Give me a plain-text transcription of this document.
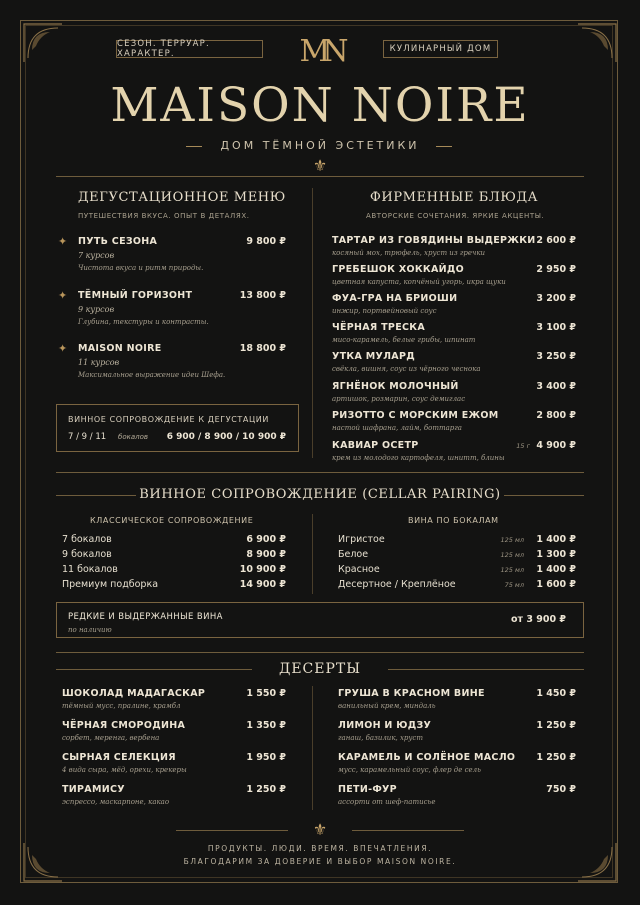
СЕЗОН. ТЕРРУАР. ХАРАКТЕР.	КУЛИНАРНЫЙ ДОМ
MN
MAISON NOIRE
ДОМ ТЁМНОЙ ЭСТЕТИКИ
⚜
ДЕГУСТАЦИОННОЕ МЕНЮ
ПУТЕШЕСТВИЯ ВКУСА. ОПЫТ В ДЕТАЛЯХ.
✦ ПУТЬ СЕЗОНА	9 800 ₽
7 курсов
Чистота вкуса и ритм природы.
✦ ТЁМНЫЙ ГОРИЗОНТ	13 800 ₽
9 курсов
Глубина, текстуры и контрасты.
✦ MAISON NOIRE	18 800 ₽
11 курсов
Максимальное выражение идеи Шефа.
ВИННОЕ СОПРОВОЖДЕНИЕ К ДЕГУСТАЦИИ
7 / 9 / 11 бокалов	6 900 / 8 900 / 10 900 ₽
ФИРМЕННЫЕ БЛЮДА
АВТОРСКИЕ СОЧЕТАНИЯ. ЯРКИЕ АКЦЕНТЫ.
ТАРТАР ИЗ ГОВЯДИНЫ ВЫДЕРЖКИ 2 600 ₽
косяный мох, трюфель, хруст из гречки
ГРЕБЕШОК ХОККАЙДО	2 950 ₽
цветная капуста, копчёный угорь, икра щуки
ФУА-ГРА НА БРИОШИ	3 200 ₽
инжир, портвейновый соус
ЧЁРНАЯ ТРЕСКА	3 100 ₽
мисо-карамель, белые грибы, шпинат
УТКА МУЛАРД	3 250 ₽
свёкла, вишня, соус из чёрного чеснока
ЯГНЁНОК МОЛОЧНЫЙ	3 400 ₽
артишок, розмарин, соус демиглас
РИЗОТТО С МОРСКИМ ЕЖОМ	2 800 ₽
настой шафрана, лайм, боттарга
КАВИАР ОСЕТР	15 г 4 900 ₽
крем из молодого картофеля, шнитт, блины
ВИННОЕ СОПРОВОЖДЕНИЕ (CELLAR PAIRING)
КЛАССИЧЕСКОЕ СОПРОВОЖДЕНИЕ
7 бокалов	6 900 ₽
9 бокалов	8 900 ₽
11 бокалов	10 900 ₽
Премиум подборка	14 900 ₽
ВИНА ПО БОКАЛАМ
Игристое	125 мл	1 400 ₽
Белое	125 мл	1 300 ₽
Красное	125 мл	1 400 ₽
Десертное / Креплёное	75 мл	1 600 ₽
РЕДКИЕ И ВЫДЕРЖАННЫЕ ВИНА
по наличию
от 3 900 ₽
ДЕСЕРТЫ
ШОКОЛАД МАДАГАСКАР	1 550 ₽
тёмный мусс, пралине, крамбл
ЧЁРНАЯ СМОРОДИНА	1 350 ₽
сорбет, меренга, вербена
СЫРНАЯ СЕЛЕКЦИЯ	1 950 ₽
4 вида сыра, мёд, орехи, крекеры
ТИРАМИСУ	1 250 ₽
эспрессо, маскарпоне, какао
ГРУША В КРАСНОМ ВИНЕ	1 450 ₽
ванильный крем, миндаль
ЛИМОН И ЮДЗУ	1 250 ₽
ганаш, базилик, хруст
КАРАМЕЛЬ И СОЛЁНОЕ МАСЛО	1 250 ₽
мусс, карамельный соус, флер де сель
ПЕТИ-ФУР	750 ₽
ассорти от шеф-патисье
⚜
ПРОДУКТЫ. ЛЮДИ. ВРЕМЯ. ВПЕЧАТЛЕНИЯ.
БЛАГОДАРИМ ЗА ДОВЕРИЕ И ВЫБОР MAISON NOIRE.
